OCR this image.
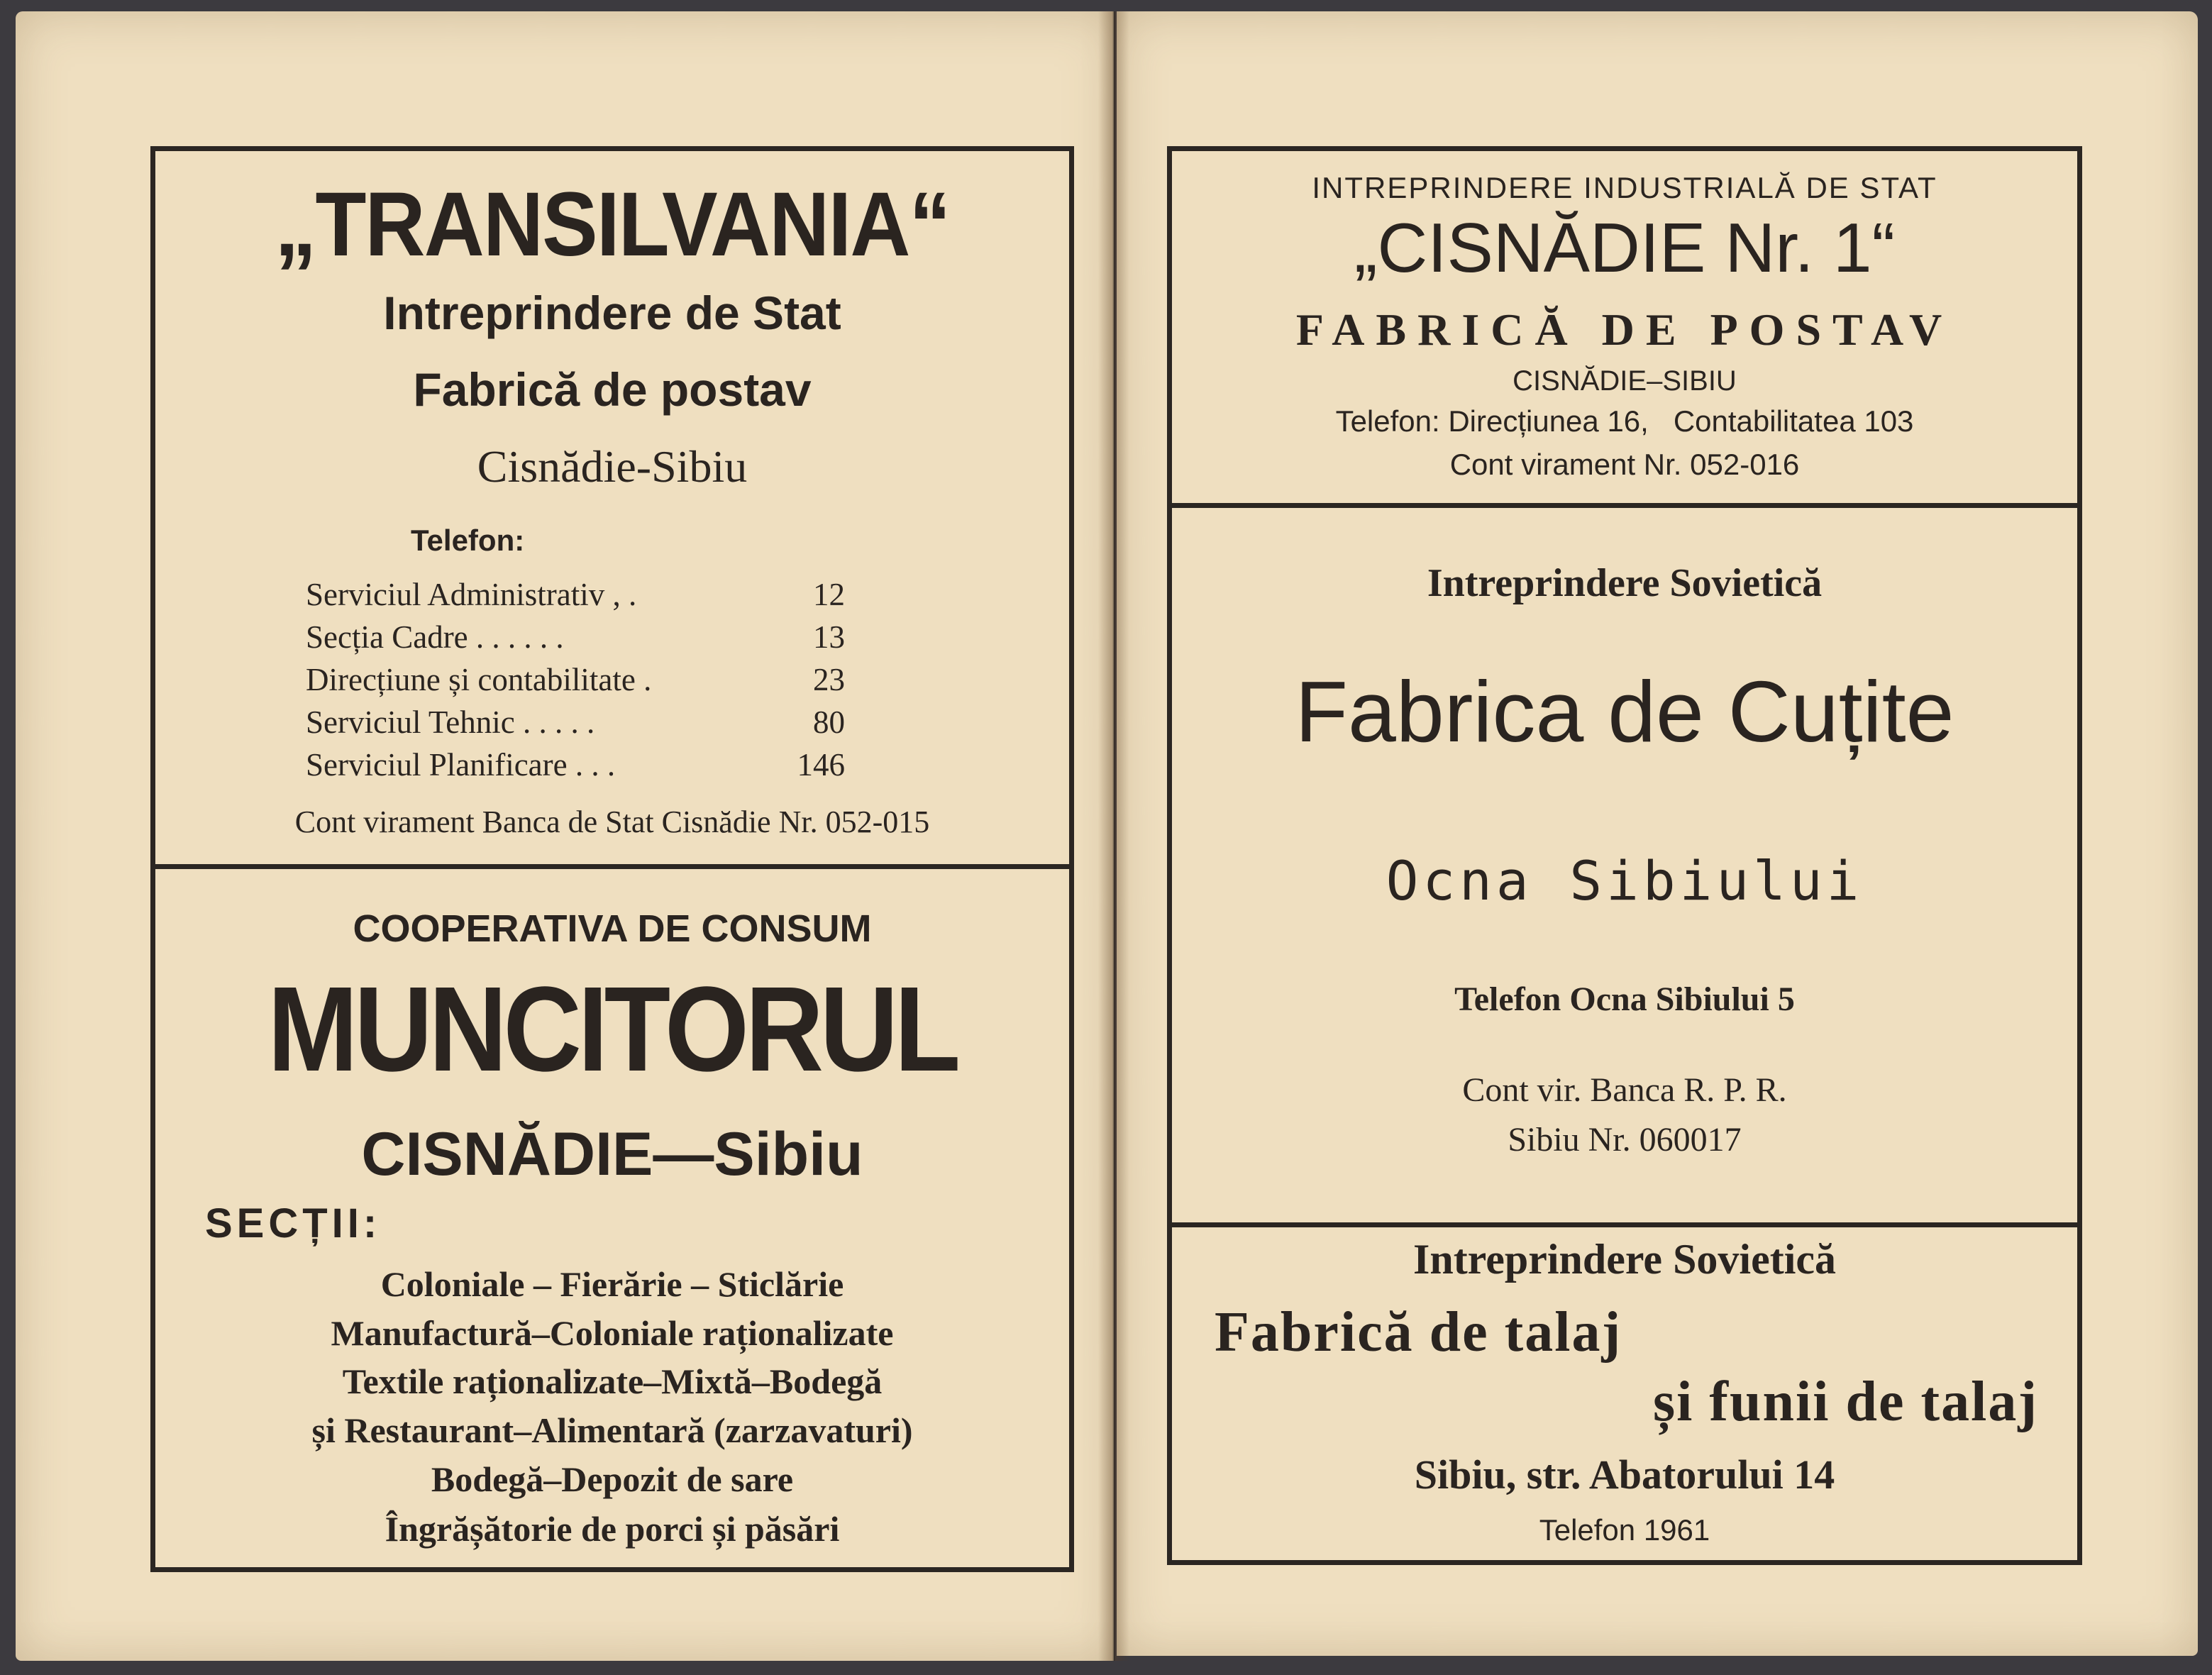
„TRANSILVANIA“
Intreprindere de Stat
Fabrică de postav
Cisnădie-Sibiu
Telefon:
Serviciul Administrativ , .	12
Secția Cadre . . . . . .	13
Direcțiune și contabilitate .	23
Serviciul Tehnic . . . . .	80
Serviciul Planificare . . .	146
Cont virament Banca de Stat Cisnădie Nr. 052-015
COOPERATIVA DE CONSUM
MUNCITORUL
CISNĂDIE—Sibiu
SECȚII:
Coloniale – Fierărie – Sticlărie
Manufactură–Coloniale raționalizate
Textile raționalizate–Mixtă–Bodegă
și Restaurant–Alimentară (zarzavaturi)
Bodegă–Depozit de sare
Îngrășătorie de porci și păsări
INTREPRINDERE INDUSTRIALĂ DE STAT
„CISNĂDIE Nr. 1“
FABRICĂ DE POSTAV
CISNĂDIE–SIBIU
Telefon: Direcțiunea 16,   Contabilitatea 103
Cont virament Nr. 052-016
Intreprindere Sovietică
Fabrica de Cuțite
Ocna Sibiului
Telefon Ocna Sibiului 5
Cont vir. Banca R. P. R.
Sibiu Nr. 060017
Intreprindere Sovietică
Fabrică de talaj
și funii de talaj
Sibiu, str. Abatorului 14
Telefon 1961
